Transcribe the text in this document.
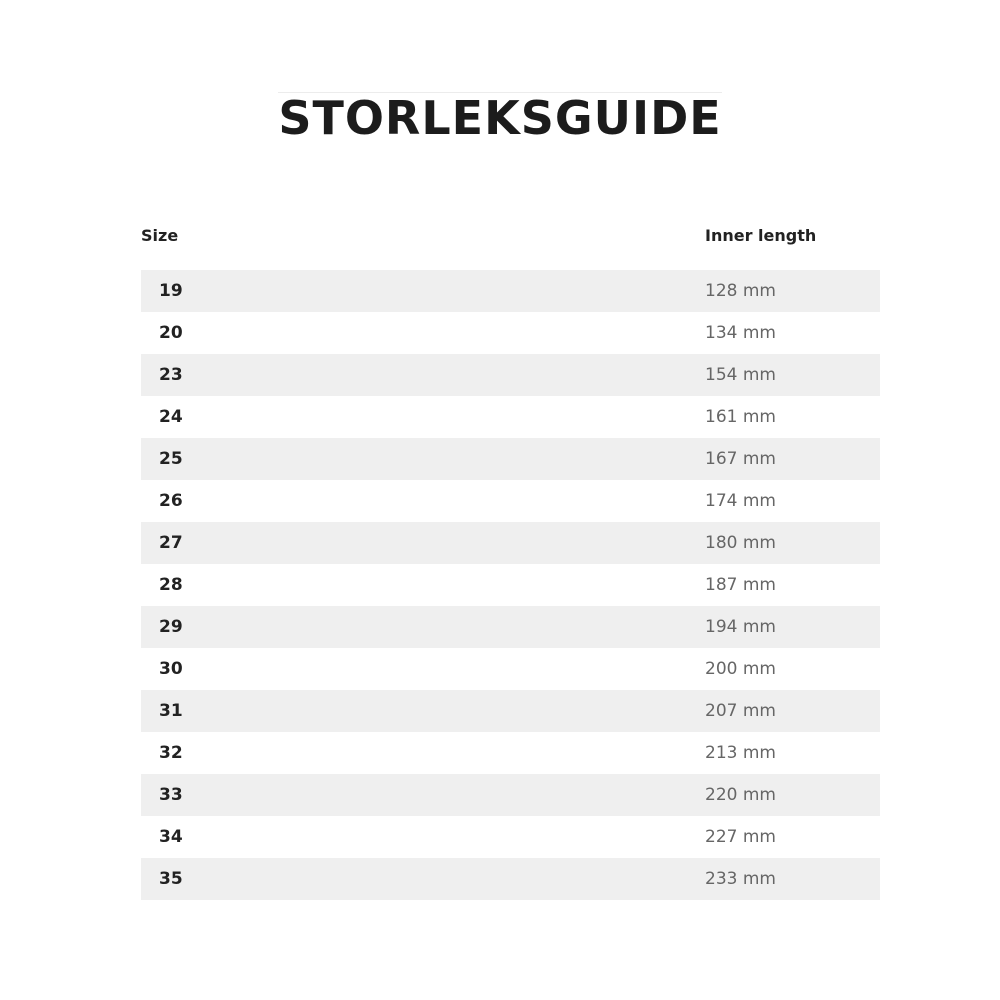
STORLEKSGUIDE
Size	Inner length
19	128 mm
20	134 mm
23	154 mm
24	161 mm
25	167 mm
26	174 mm
27	180 mm
28	187 mm
29	194 mm
30	200 mm
31	207 mm
32	213 mm
33	220 mm
34	227 mm
35	233 mm
